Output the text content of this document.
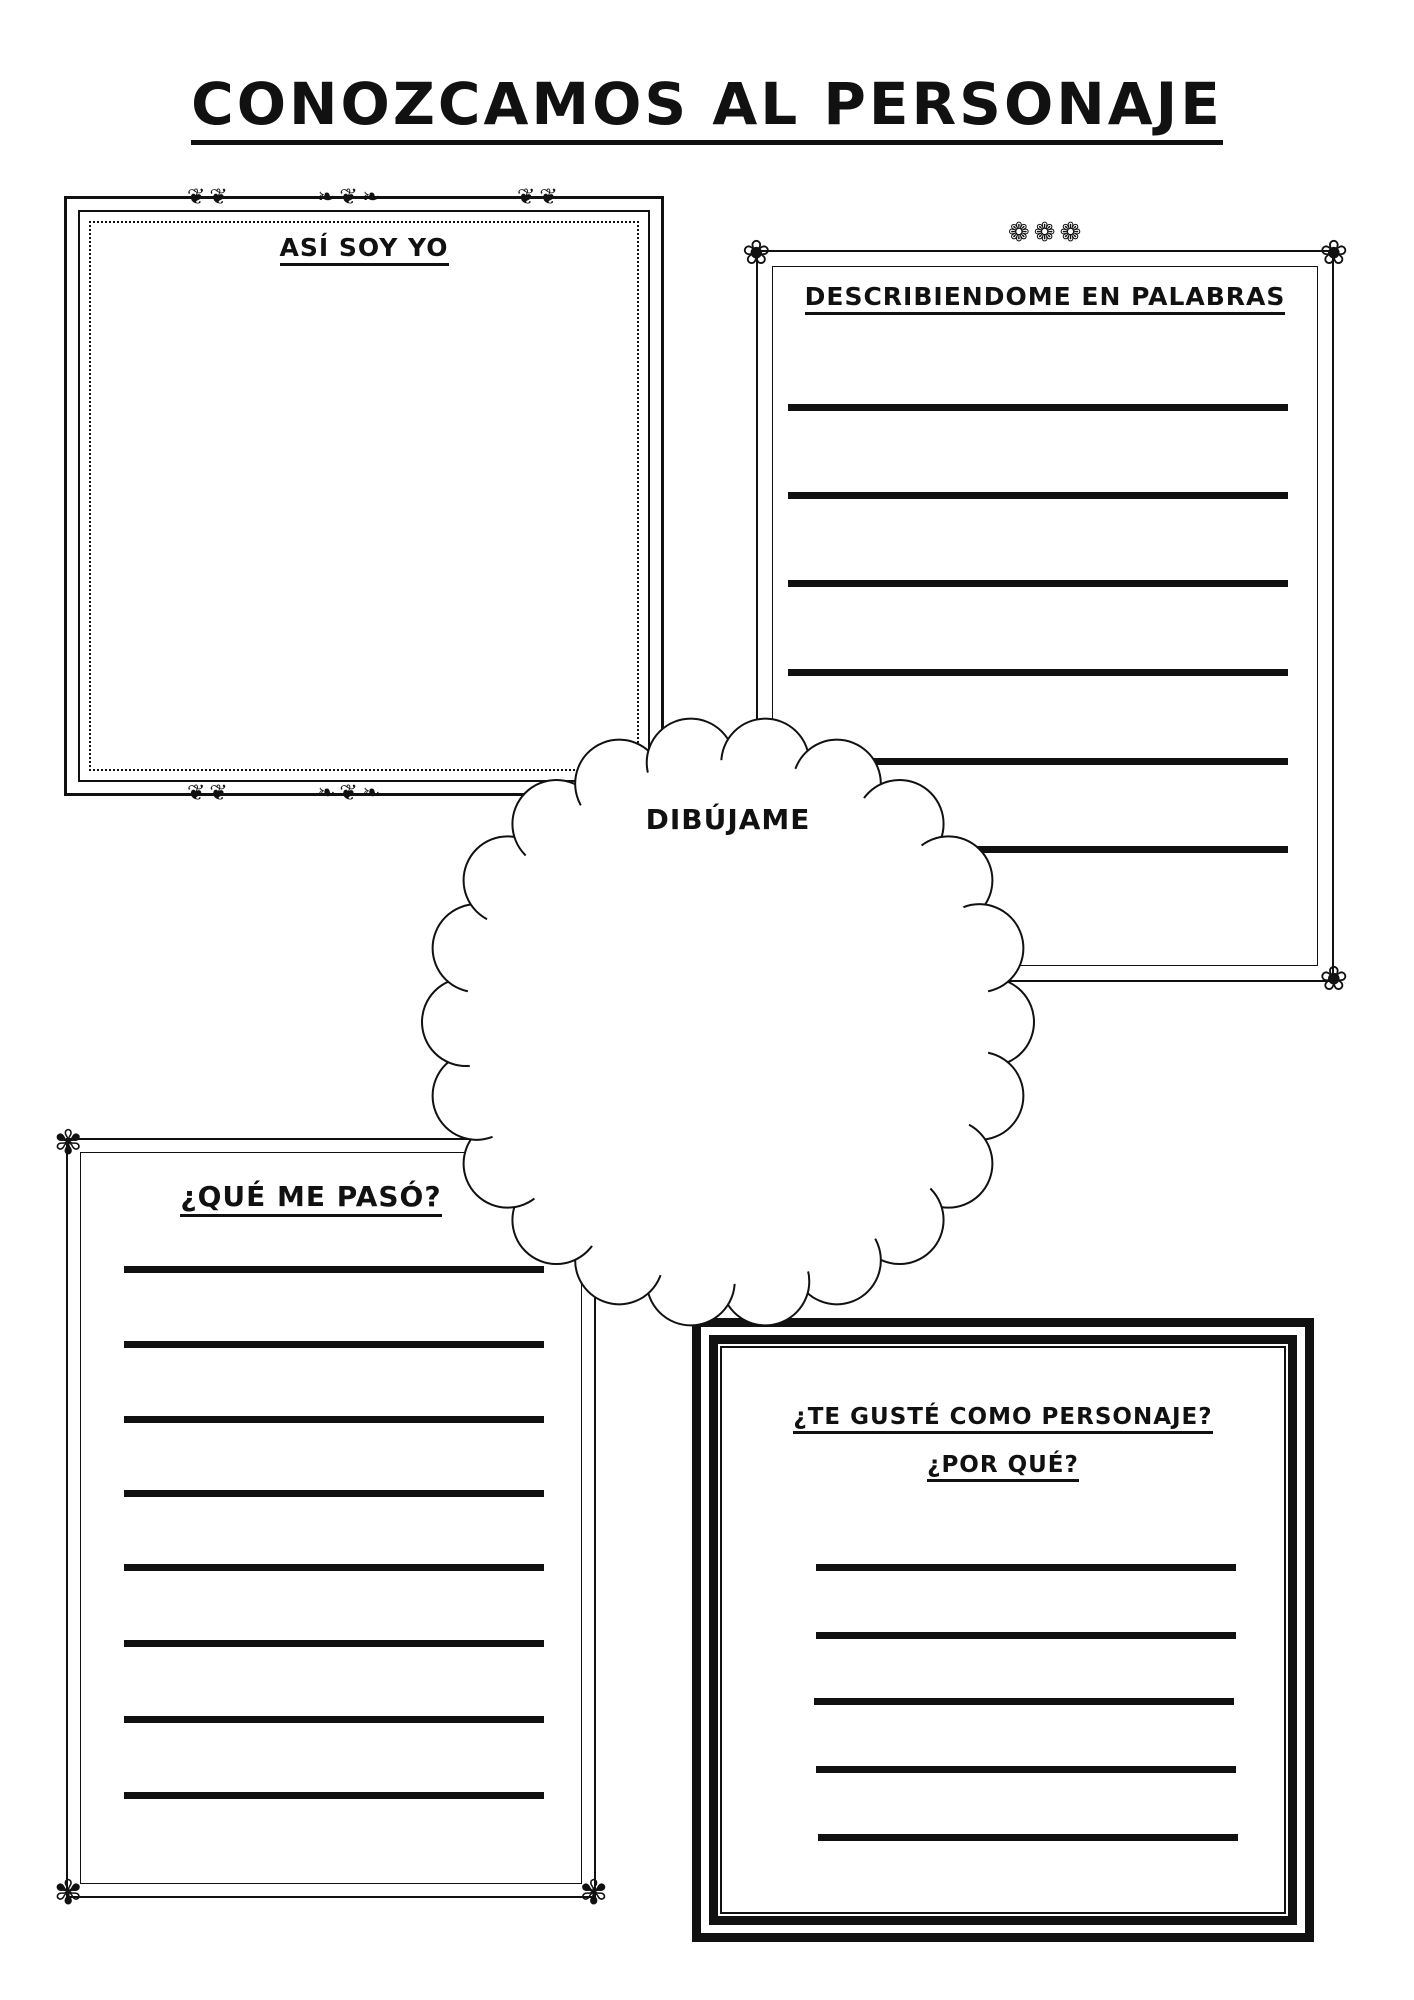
CONOZCAMOS AL PERSONAJE
❦❦	❧❦❧	❦❦
❦❦	❧❦❧
ASÍ SOY YO	❀	❀
❀
❁❁❁
DESCRIBIENDOME EN PALABRAS
✾
✾	✾
¿QUÉ ME PASÓ?
¿TE GUSTÉ COMO PERSONAJE?
¿POR QUÉ?
DIBÚJAME
